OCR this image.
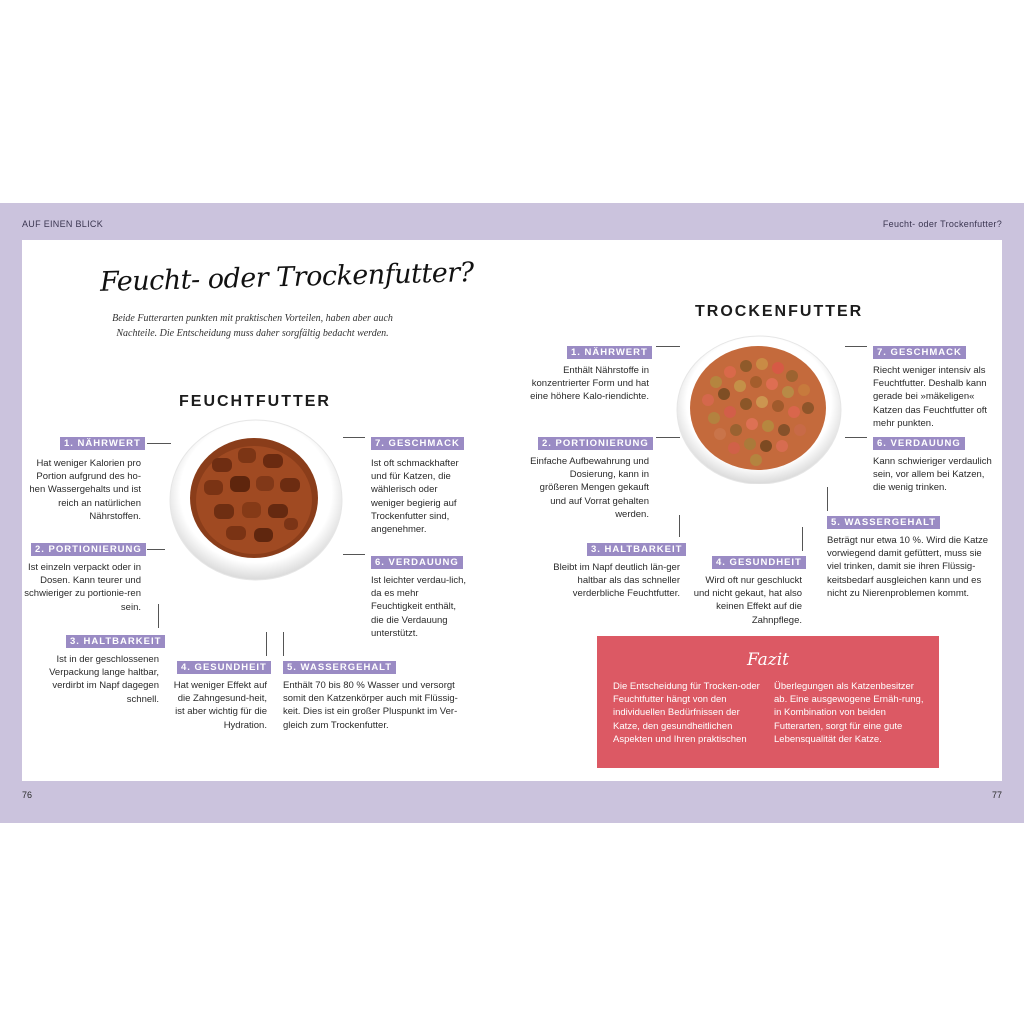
AUF EINEN BLICK	Feucht- oder Trockenfutter?
Feucht- oder Trockenfutter?
Beide Futterarten punkten mit praktischen Vorteilen, haben aber auch Nachteile. Die Entscheidung muss daher sorgfältig bedacht werden.
FEUCHTFUTTER
1. NÄHRWERT
Hat weniger Kalorien pro Portion aufgrund des ho-hen Wassergehalts und ist reich an natürlichen Nährstoffen.
2. PORTIONIERUNG
Ist einzeln verpackt oder in Dosen. Kann teurer und schwieriger zu portionie-ren sein.
3. HALTBARKEIT
Ist in der geschlossenen Verpackung lange haltbar, verdirbt im Napf dagegen schnell.
4. GESUNDHEIT
Hat weniger Effekt auf die Zahngesund-heit, ist aber wichtig für die Hydration.
5. WASSERGEHALT
Enthält 70 bis 80 % Wasser und versorgt somit den Katzenkörper auch mit Flüssig-keit. Dies ist ein großer Pluspunkt im Ver-gleich zum Trockenfutter.
6. VERDAUUNG
Ist leichter verdau-lich, da es mehr Feuchtigkeit enthält, die die Verdauung unterstützt.
7. GESCHMACK
Ist oft schmackhafter und für Katzen, die wählerisch oder weniger begierig auf Trockenfutter sind, angenehmer.
TROCKENFUTTER
1. NÄHRWERT
Enthält Nährstoffe in konzentrierter Form und hat eine höhere Kalo-riendichte.
2. PORTIONIERUNG
Einfache Aufbewahrung und Dosierung, kann in größeren Mengen gekauft und auf Vorrat gehalten werden.
3. HALTBARKEIT
Bleibt im Napf deutlich län-ger haltbar als das schneller verderbliche Feuchtfutter.
4. GESUNDHEIT
Wird oft nur geschluckt und nicht gekaut, hat also keinen Effekt auf die Zahnpflege.
5. WASSERGEHALT
Beträgt nur etwa 10 %. Wird die Katze vorwiegend damit gefüttert, muss sie viel trinken, damit sie ihren Flüssig-keitsbedarf ausgleichen kann und es nicht zu Nierenproblemen kommt.
6. VERDAUUNG
Kann schwieriger verdaulich sein, vor allem bei Katzen, die wenig trinken.
7. GESCHMACK
Riecht weniger intensiv als Feuchtfutter. Deshalb kann gerade bei »mäkeligen« Katzen das Feuchtfutter oft mehr punkten.
Fazit
Die Entscheidung für Trocken-oder Feuchtfutter hängt von den individuellen Bedürfnissen der Katze, den gesundheitlichen Aspekten und Ihren praktischen
Überlegungen als Katzenbesitzer ab. Eine ausgewogene Ernäh-rung, in Kombination von beiden Futterarten, sorgt für eine gute Lebensqualität der Katze.
76	77
